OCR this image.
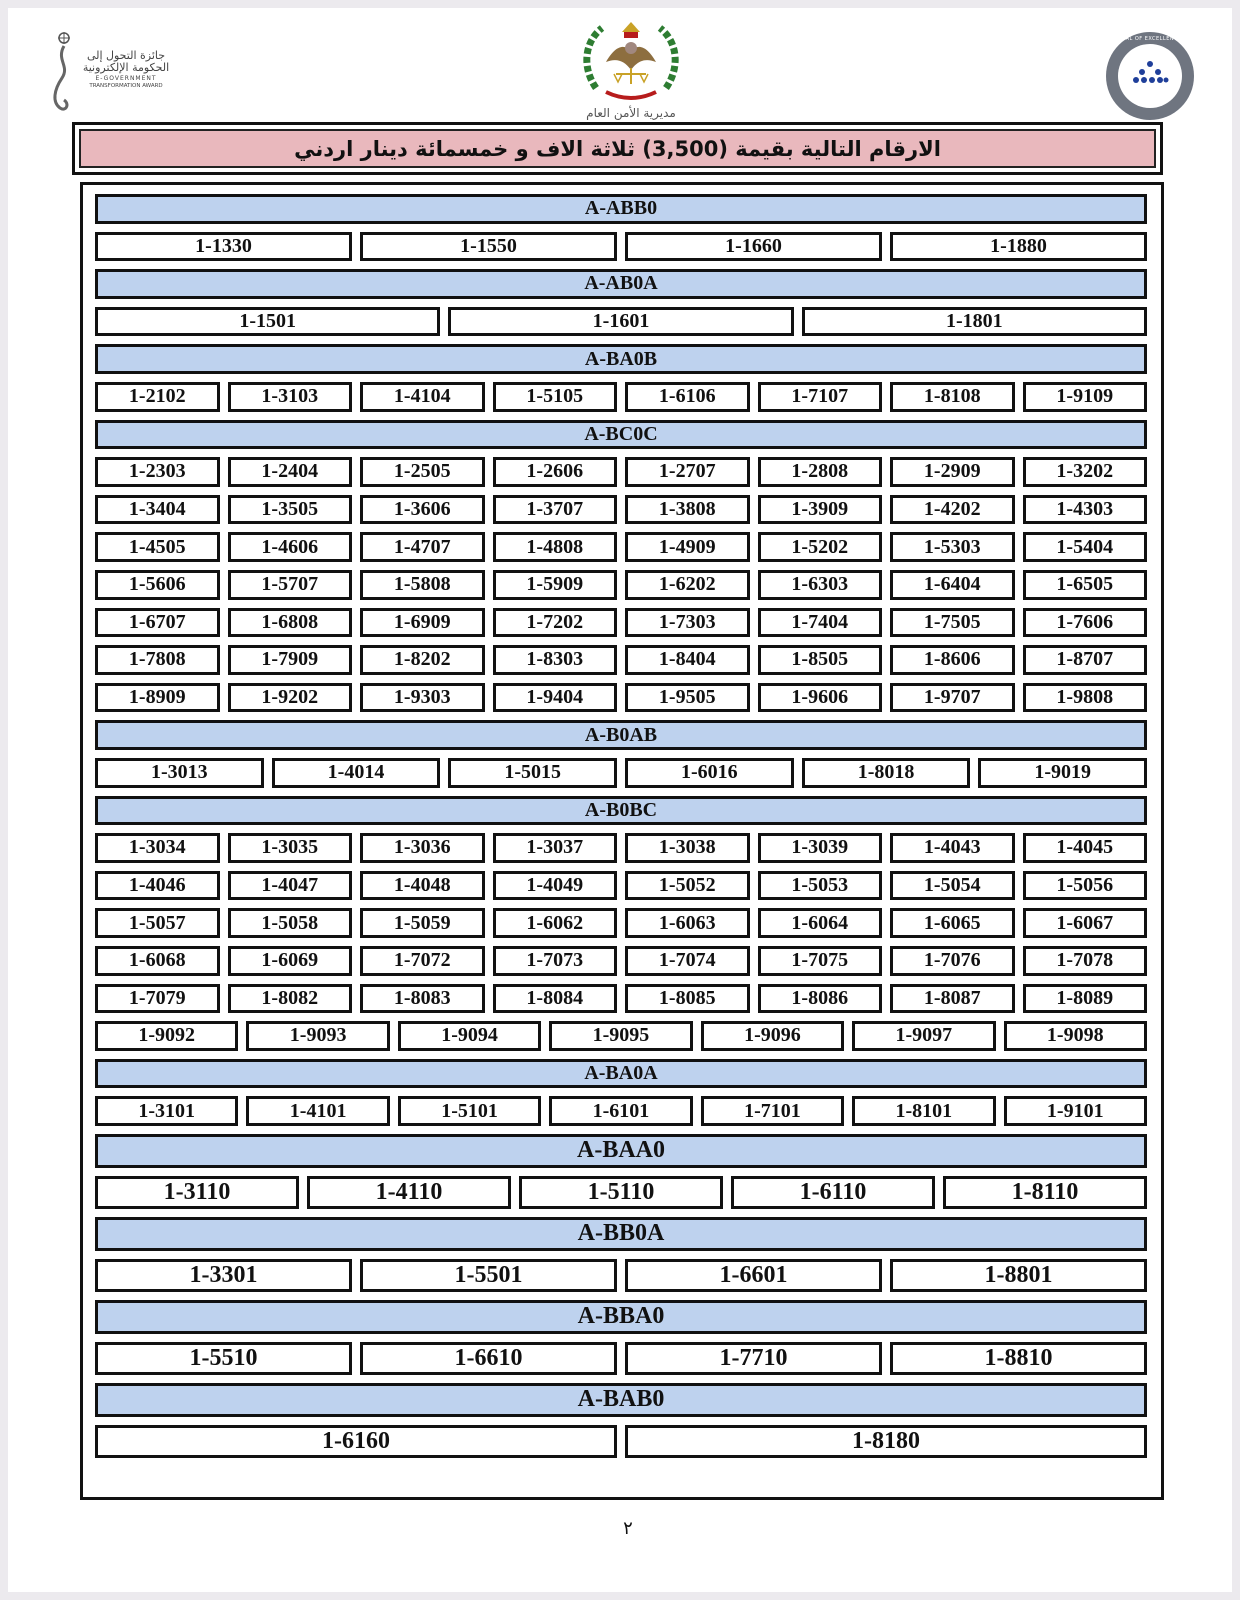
جائزة التحول إلى
الحكومة الإلكترونية
E-GOVERNMENT
TRANSFORMATION AWARD
مديرية الأمن العام
SEAL OF EXCELLENCE
الارقام التالية بقيمة (3,500) ثلاثة الاف و خمسمائة دينار اردني
A-ABB0
1-1330	1-1550	1-1660	1-1880
A-AB0A
1-1501	1-1601	1-1801
A-BA0B
1-2102	1-3103	1-4104	1-5105	1-6106	1-7107	1-8108	1-9109
A-BC0C
1-2303	1-2404	1-2505	1-2606	1-2707	1-2808	1-2909	1-3202
1-3404	1-3505	1-3606	1-3707	1-3808	1-3909	1-4202	1-4303
1-4505	1-4606	1-4707	1-4808	1-4909	1-5202	1-5303	1-5404
1-5606	1-5707	1-5808	1-5909	1-6202	1-6303	1-6404	1-6505
1-6707	1-6808	1-6909	1-7202	1-7303	1-7404	1-7505	1-7606
1-7808	1-7909	1-8202	1-8303	1-8404	1-8505	1-8606	1-8707
1-8909	1-9202	1-9303	1-9404	1-9505	1-9606	1-9707	1-9808
A-B0AB
1-3013	1-4014	1-5015	1-6016	1-8018	1-9019
A-B0BC
1-3034	1-3035	1-3036	1-3037	1-3038	1-3039	1-4043	1-4045
1-4046	1-4047	1-4048	1-4049	1-5052	1-5053	1-5054	1-5056
1-5057	1-5058	1-5059	1-6062	1-6063	1-6064	1-6065	1-6067
1-6068	1-6069	1-7072	1-7073	1-7074	1-7075	1-7076	1-7078
1-7079	1-8082	1-8083	1-8084	1-8085	1-8086	1-8087	1-8089
1-9092	1-9093	1-9094	1-9095	1-9096	1-9097	1-9098
A-BA0A
1-3101	1-4101	1-5101	1-6101	1-7101	1-8101	1-9101
A-BAA0
1-3110	1-4110	1-5110	1-6110	1-8110
A-BB0A
1-3301	1-5501	1-6601	1-8801
A-BBA0
1-5510	1-6610	1-7710	1-8810
A-BAB0
1-6160	1-8180
٢
